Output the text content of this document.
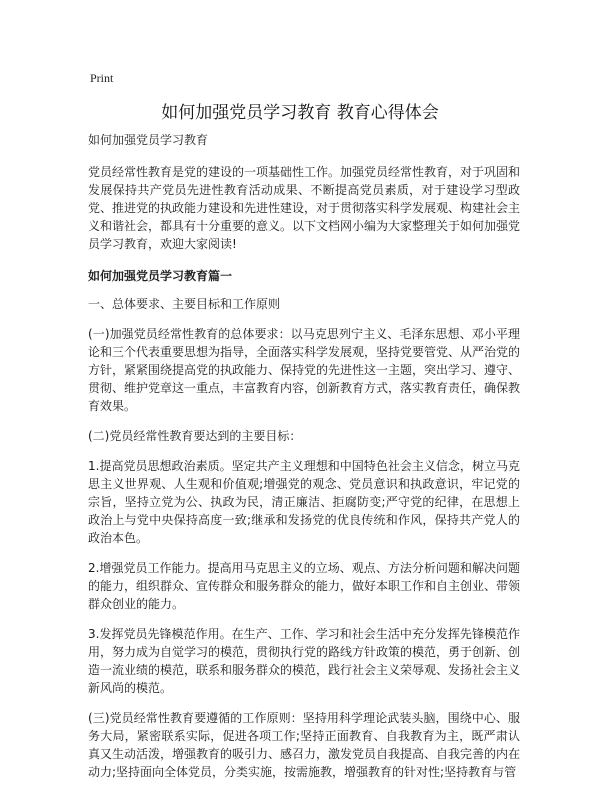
Print
如何加强党员学习教育 教育心得体会

如何加强党员学习教育

党员经常性教育是党的建设的一项基础性工作。加强党员经常性教育，对于巩固和发展保持共产党员先进性教育活动成果、不断提高党员素质，对于建设学习型政党、推进党的执政能力建设和先进性建设，对于贯彻落实科学发展观、构建社会主义和谐社会，都具有十分重要的意义。以下文档网小编为大家整理关于如何加强党员学习教育，欢迎大家阅读!

如何加强党员学习教育篇一

一、总体要求、主要目标和工作原则

(一)加强党员经常性教育的总体要求：以马克思列宁主义、毛泽东思想、邓小平理论和三个代表重要思想为指导，全面落实科学发展观，坚持党要管党、从严治党的方针，紧紧围绕提高党的执政能力、保持党的先进性这一主题，突出学习、遵守、贯彻、维护党章这一重点，丰富教育内容，创新教育方式，落实教育责任，确保教育效果。

(二)党员经常性教育要达到的主要目标：

1.提高党员思想政治素质。坚定共产主义理想和中国特色社会主义信念，树立马克思主义世界观、人生观和价值观;增强党的观念、党员意识和执政意识，牢记党的宗旨，坚持立党为公、执政为民，清正廉洁、拒腐防变;严守党的纪律，在思想上政治上与党中央保持高度一致;继承和发扬党的优良传统和作风，保持共产党人的政治本色。

2.增强党员工作能力。提高用马克思主义的立场、观点、方法分析问题和解决问题的能力，组织群众、宣传群众和服务群众的能力，做好本职工作和自主创业、带领群众创业的能力。

3.发挥党员先锋模范作用。在生产、工作、学习和社会生活中充分发挥先锋模范作用，努力成为自觉学习的模范，贯彻执行党的路线方针政策的模范，勇于创新、创造一流业绩的模范，联系和服务群众的模范，践行社会主义荣辱观、发扬社会主义新风尚的模范。

(三)党员经常性教育要遵循的工作原则：坚持用科学理论武装头脑，围绕中心、服务大局，紧密联系实际，促进各项工作;坚持正面教育、自我教育为主，既严肃认真又生动活泼，增强教育的吸引力、感召力，激发党员自我提高、自我完善的内在动力;坚持面向全体党员，分类实施，按需施教，增强教育的针对性;坚持教育与管
